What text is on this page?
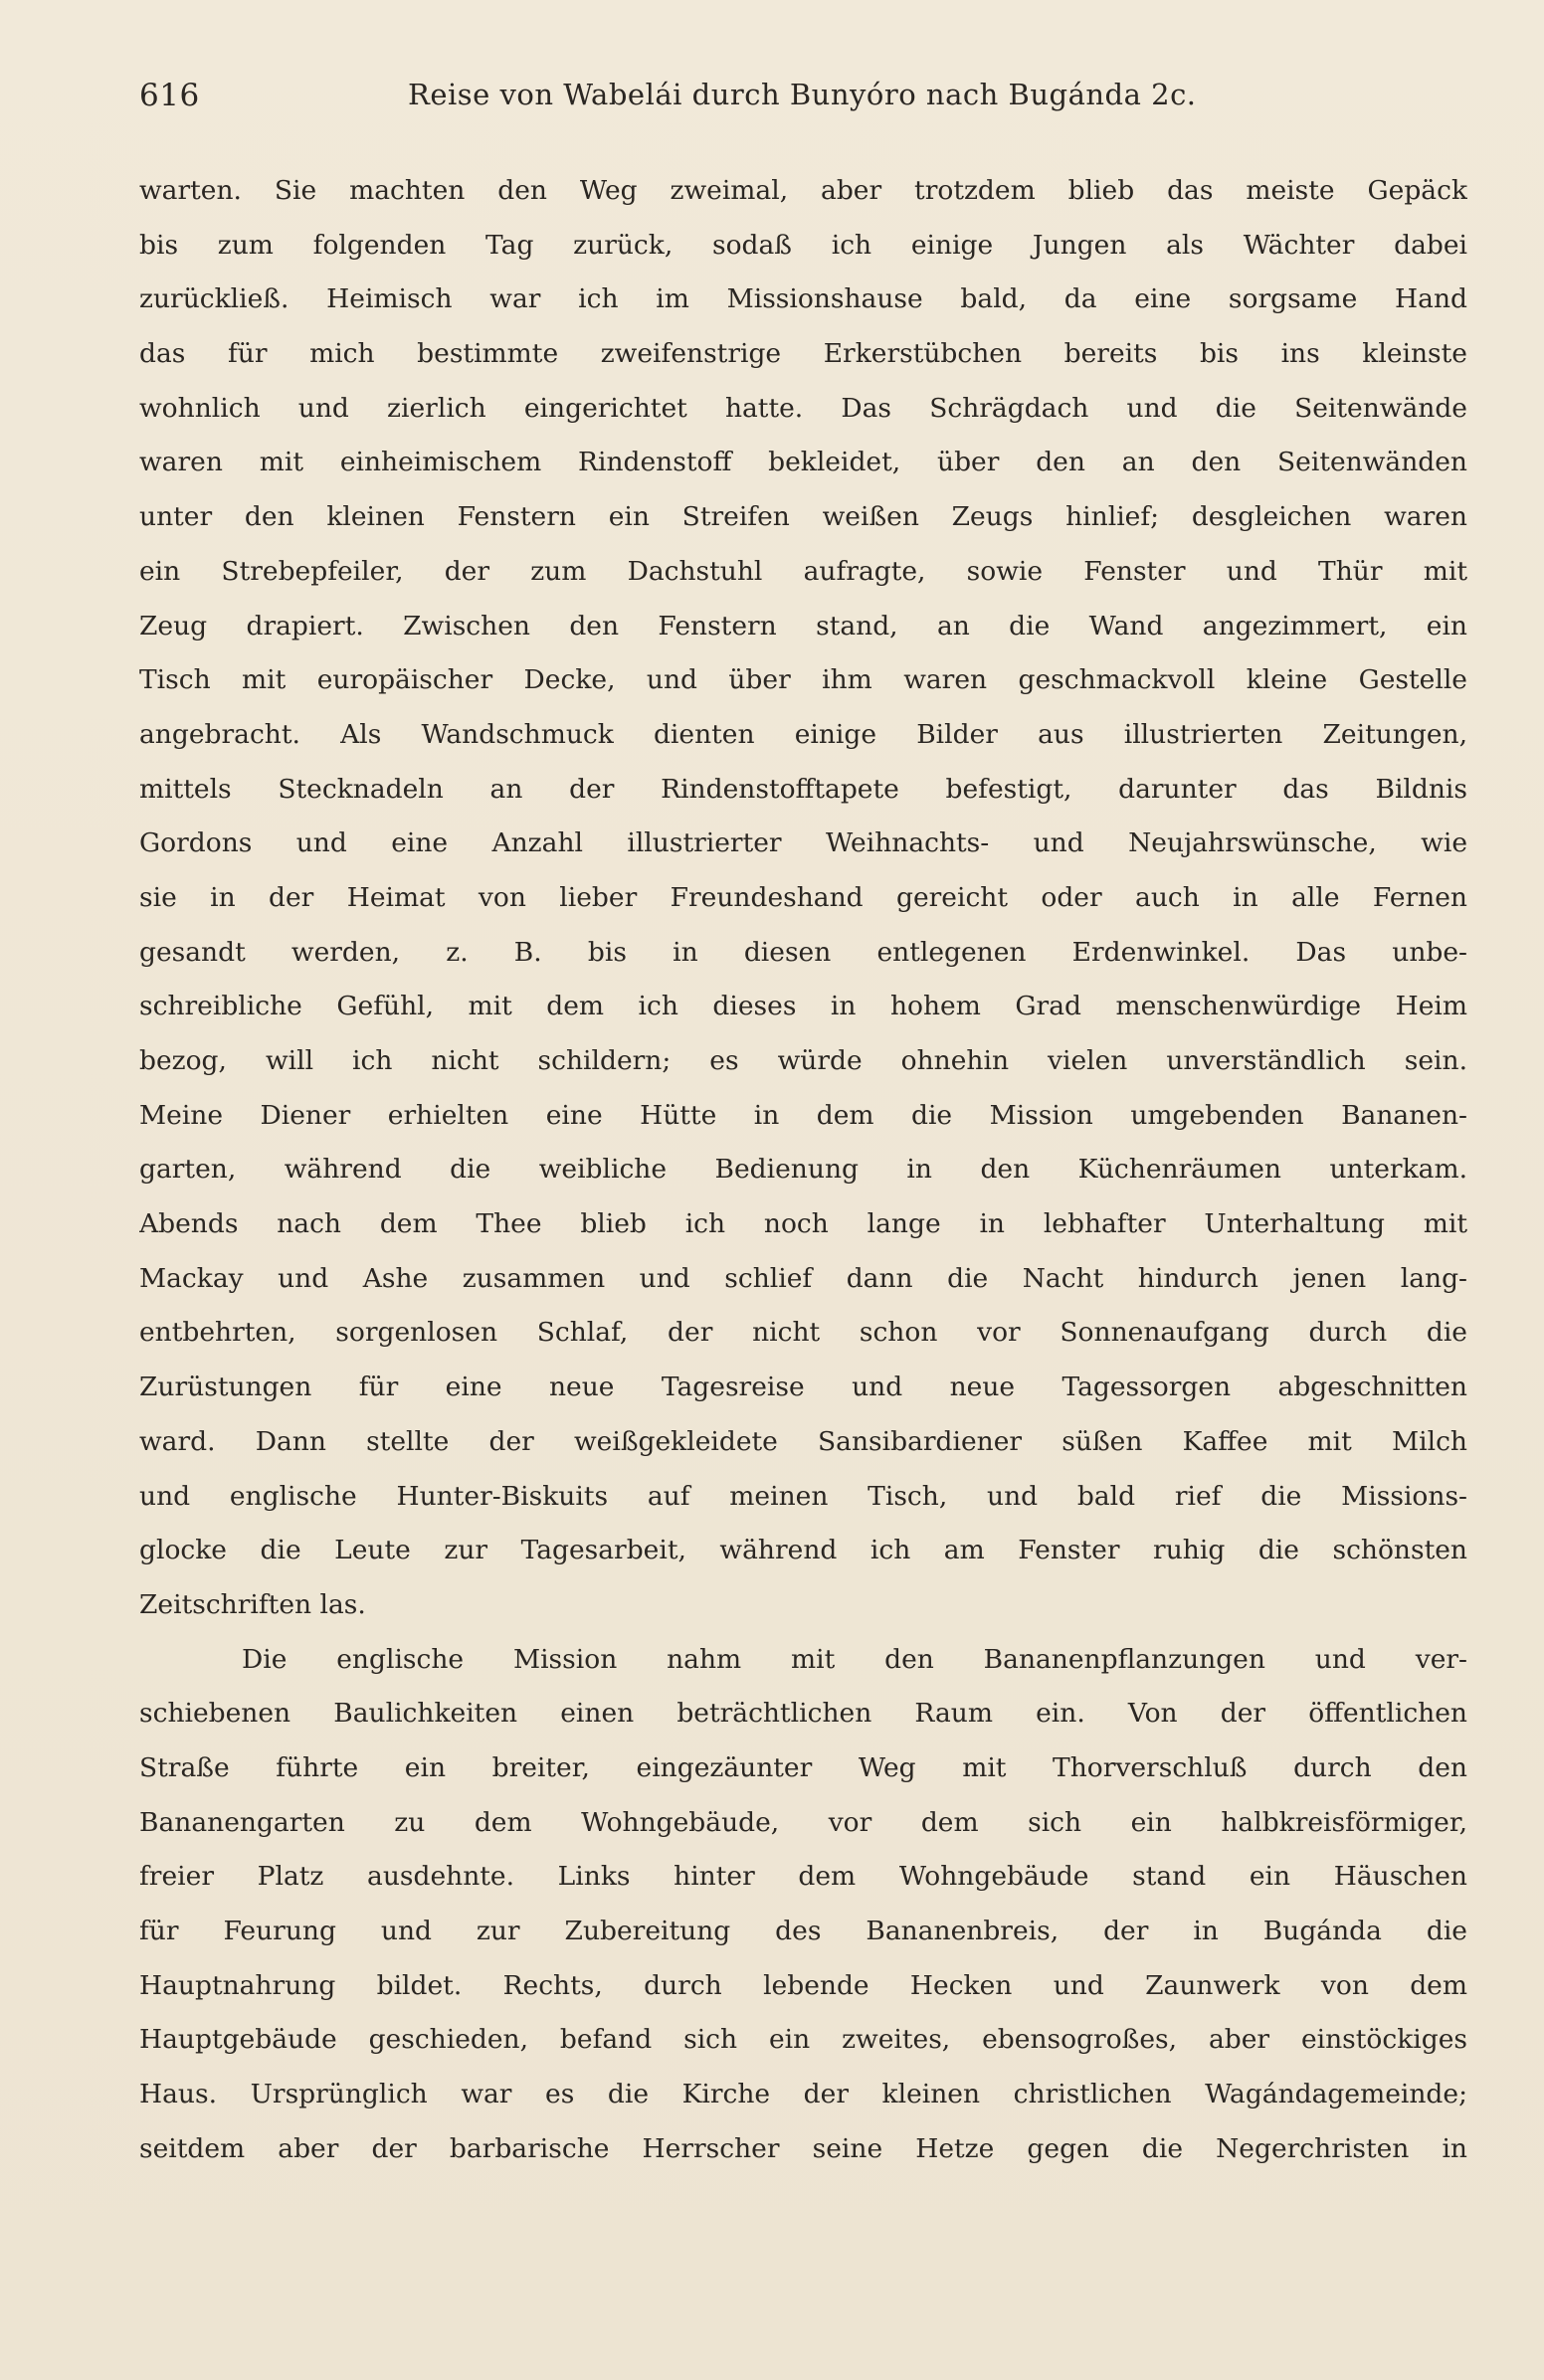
616	Reise von Wabelái durch Bunyóro nach Bugánda 2c.
warten. Sie machten den Weg zweimal, aber trotzdem blieb das meiste Gepäck
bis zum folgenden Tag zurück, sodaß ich einige Jungen als Wächter dabei
zurückließ. Heimisch war ich im Missionshause bald, da eine sorgsame Hand
das für mich bestimmte zweifenstrige Erkerstübchen bereits bis ins kleinste
wohnlich und zierlich eingerichtet hatte. Das Schrägdach und die Seitenwände
waren mit einheimischem Rindenstoff bekleidet, über den an den Seitenwänden
unter den kleinen Fenstern ein Streifen weißen Zeugs hinlief; desgleichen waren
ein Strebepfeiler, der zum Dachstuhl aufragte, sowie Fenster und Thür mit
Zeug drapiert. Zwischen den Fenstern stand, an die Wand angezimmert, ein
Tisch mit europäischer Decke, und über ihm waren geschmackvoll kleine Gestelle
angebracht. Als Wandschmuck dienten einige Bilder aus illustrierten Zeitungen,
mittels Stecknadeln an der Rindenstofftapete befestigt, darunter das Bildnis
Gordons und eine Anzahl illustrierter Weihnachts- und Neujahrswünsche, wie
sie in der Heimat von lieber Freundeshand gereicht oder auch in alle Fernen
gesandt werden, z. B. bis in diesen entlegenen Erdenwinkel. Das unbe-
schreibliche Gefühl, mit dem ich dieses in hohem Grad menschenwürdige Heim
bezog, will ich nicht schildern; es würde ohnehin vielen unverständlich sein.
Meine Diener erhielten eine Hütte in dem die Mission umgebenden Bananen-
garten, während die weibliche Bedienung in den Küchenräumen unterkam.
Abends nach dem Thee blieb ich noch lange in lebhafter Unterhaltung mit
Mackay und Ashe zusammen und schlief dann die Nacht hindurch jenen lang-
entbehrten, sorgenlosen Schlaf, der nicht schon vor Sonnenaufgang durch die
Zurüstungen für eine neue Tagesreise und neue Tagessorgen abgeschnitten
ward. Dann stellte der weißgekleidete Sansibardiener süßen Kaffee mit Milch
und englische Hunter-Biskuits auf meinen Tisch, und bald rief die Missions-
glocke die Leute zur Tagesarbeit, während ich am Fenster ruhig die schönsten
Zeitschriften las.
Die englische Mission nahm mit den Bananenpflanzungen und ver-
schiebenen Baulichkeiten einen beträchtlichen Raum ein. Von der öffentlichen
Straße führte ein breiter, eingezäunter Weg mit Thorverschluß durch den
Bananengarten zu dem Wohngebäude, vor dem sich ein halbkreisförmiger,
freier Platz ausdehnte. Links hinter dem Wohngebäude stand ein Häuschen
für Feurung und zur Zubereitung des Bananenbreis, der in Bugánda die
Hauptnahrung bildet. Rechts, durch lebende Hecken und Zaunwerk von dem
Hauptgebäude geschieden, befand sich ein zweites, ebensogroßes, aber einstöckiges
Haus. Ursprünglich war es die Kirche der kleinen christlichen Wagándagemeinde;
seitdem aber der barbarische Herrscher seine Hetze gegen die Negerchristen in
